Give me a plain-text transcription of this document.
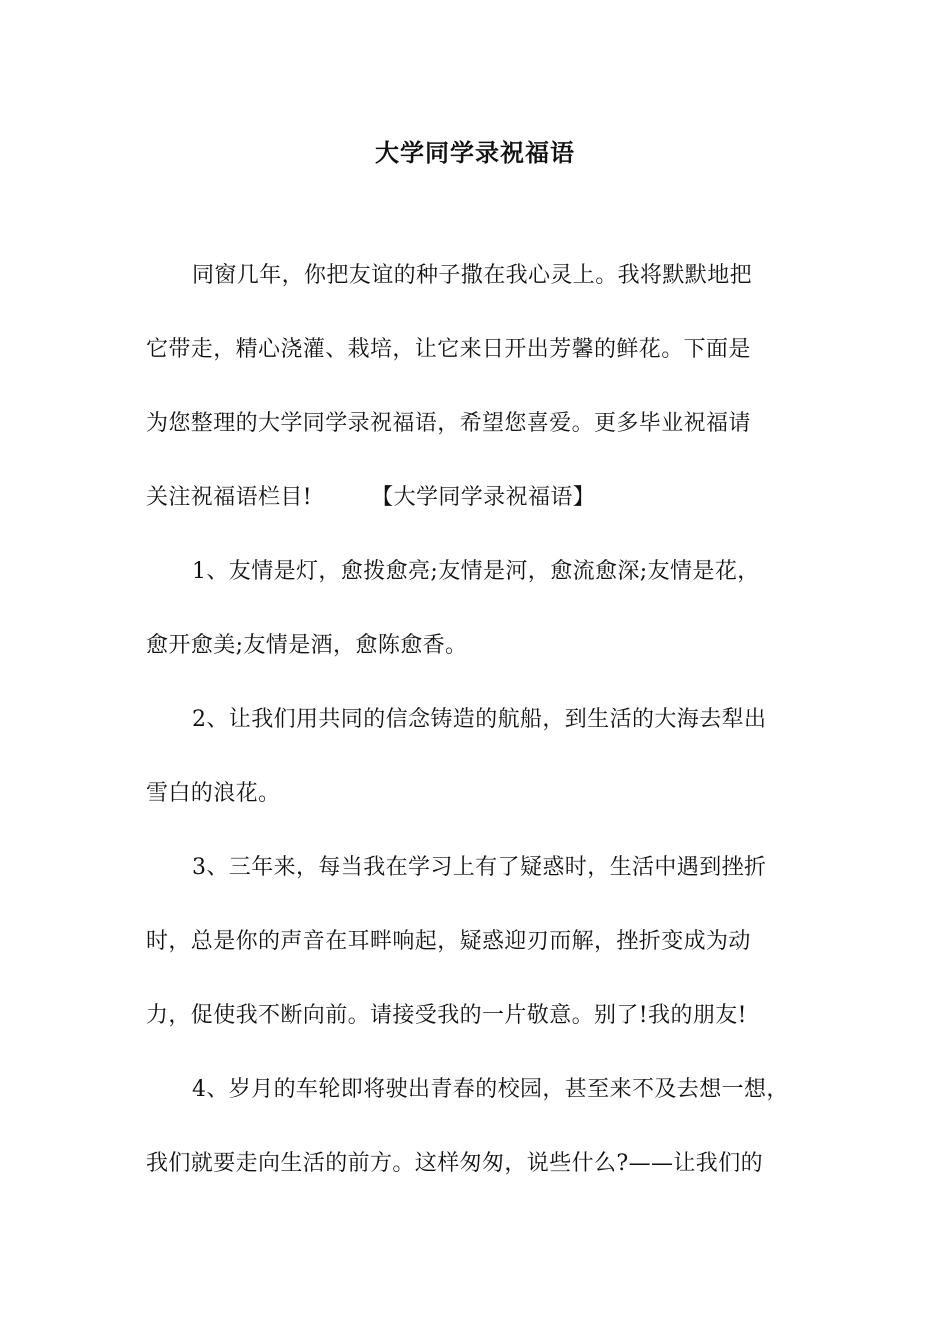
大学同学录祝福语
同窗几年，你把友谊的种子撒在我心灵上。我将默默地把
它带走，精心浇灌、栽培，让它来日开出芳馨的鲜花。下面是
为您整理的大学同学录祝福语，希望您喜爱。更多毕业祝福请
关注祝福语栏目!        【大学同学录祝福语】
1、友情是灯，愈拨愈亮;友情是河，愈流愈深;友情是花，
愈开愈美;友情是酒，愈陈愈香。
2、让我们用共同的信念铸造的航船，到生活的大海去犁出
雪白的浪花。
3、三年来，每当我在学习上有了疑惑时，生活中遇到挫折
时，总是你的声音在耳畔响起，疑惑迎刃而解，挫折变成为动
力，促使我不断向前。请接受我的一片敬意。别了!我的朋友!
4、岁月的车轮即将驶出青春的校园，甚至来不及去想一想，
我们就要走向生活的前方。这样匆匆，说些什么?——让我们的
